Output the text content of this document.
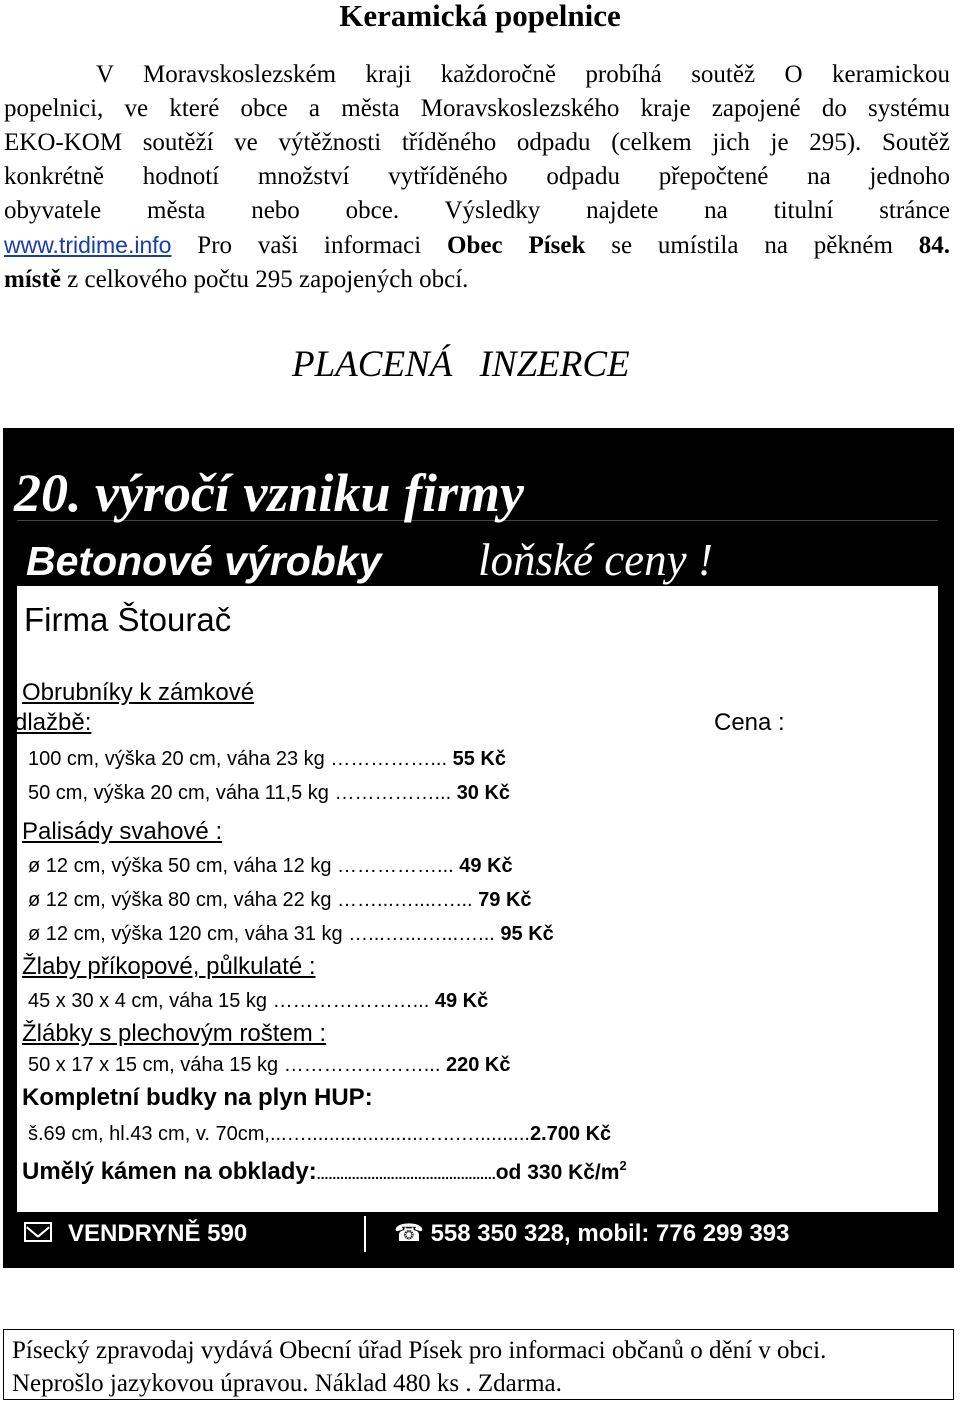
Keramická popelnice

V Moravskoslezském kraji každoročně probíhá soutěž O keramickou

popelnici, ve které obce a města Moravskoslezského kraje zapojené do systému

EKO-KOM soutěží ve výtěžnosti tříděného odpadu (celkem jich je 295). Soutěž

konkrétně hodnotí množství vytříděného odpadu přepočtené na jednoho

obyvatele města nebo obce. Výsledky najdete na titulní stránce

www.tridime.info Pro vaši informaci Obec Písek se umístila na pěkném 84.

místě z celkového počtu 295 zapojených obcí.

PLACENÁ INZERCE
20. výročí vzniku firmy
Betonové výrobky loňské ceny !
Firma Štourač
Obrubníky k zámkové
dlažbě:	Cena :
100 cm, výška 20 cm, váha 23 kg ……………... 55 Kč
50 cm, výška 20 cm, váha 11,5 kg ……………... 30 Kč
Palisády svahové :
ø 12 cm, výška 50 cm, váha 12 kg ……………... 49 Kč
ø 12 cm, výška 80 cm, váha 22 kg ……...…....…... 79 Kč
ø 12 cm, výška 120 cm, váha 31 kg …...…...…...…... 95 Kč
Žlaby příkopové, půlkulaté :
45 x 30 x 4 cm, váha 15 kg …………………... 49 Kč
Žlábky s plechovým roštem :
50 x 17 x 15 cm, váha 15 kg …………………... 220 Kč
Kompletní budky na plyn HUP:
š.69 cm, hl.43 cm, v. 70cm,...….....................…..…..........2.700 Kč
Umělý kámen na obklady:..............................................od 330 $Kč/m^2$
VENDRYNĚ 590	☎ 558 350 328, mobil: 776 299 393
Písecký zpravodaj vydává Obecní úřad Písek pro informaci občanů o dění v obci.
Neprošlo jazykovou úpravou. Náklad 480 ks . Zdarma.
